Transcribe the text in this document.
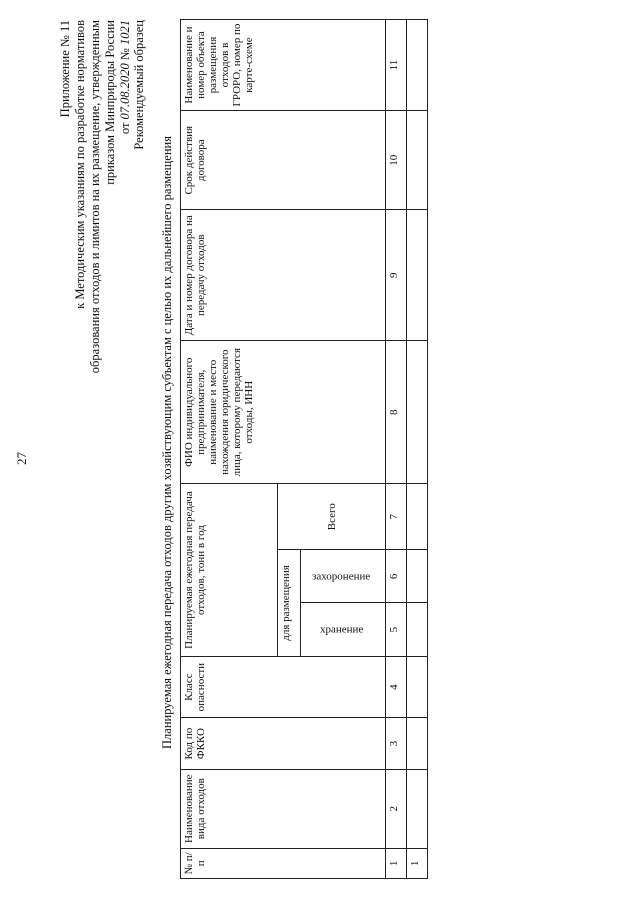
27
Приложение № 11 к Методическим указаниям по разработке нормативов образования отходов и лимитов на их размещение, утвержденным приказом Минприроды России от 07.08.2020 № 1021 Рекомендуемый образец
Планируемая ежегодная передача отходов другим хозяйствующим субъектам с целью их дальнейшего размещения
№ п/п	Наименование вида отходов	Код по ФККО	Класс опасности	Планируемая ежегодная передача отходов, тонн в год			ФИО индивидуального предпринимателя, наименование и место нахождения юридического лица, которому передаются отходы, ИНН	Дата и номер договора на передачу отходов	Срок действия договора	Наименование и номер объекта размещения отходов в ГРОРО, номер по карте-схеме
				для размещения		Всего				
				хранение	захоронение					
1	2	3	4	5	6	7	8	9	10	11
1										
